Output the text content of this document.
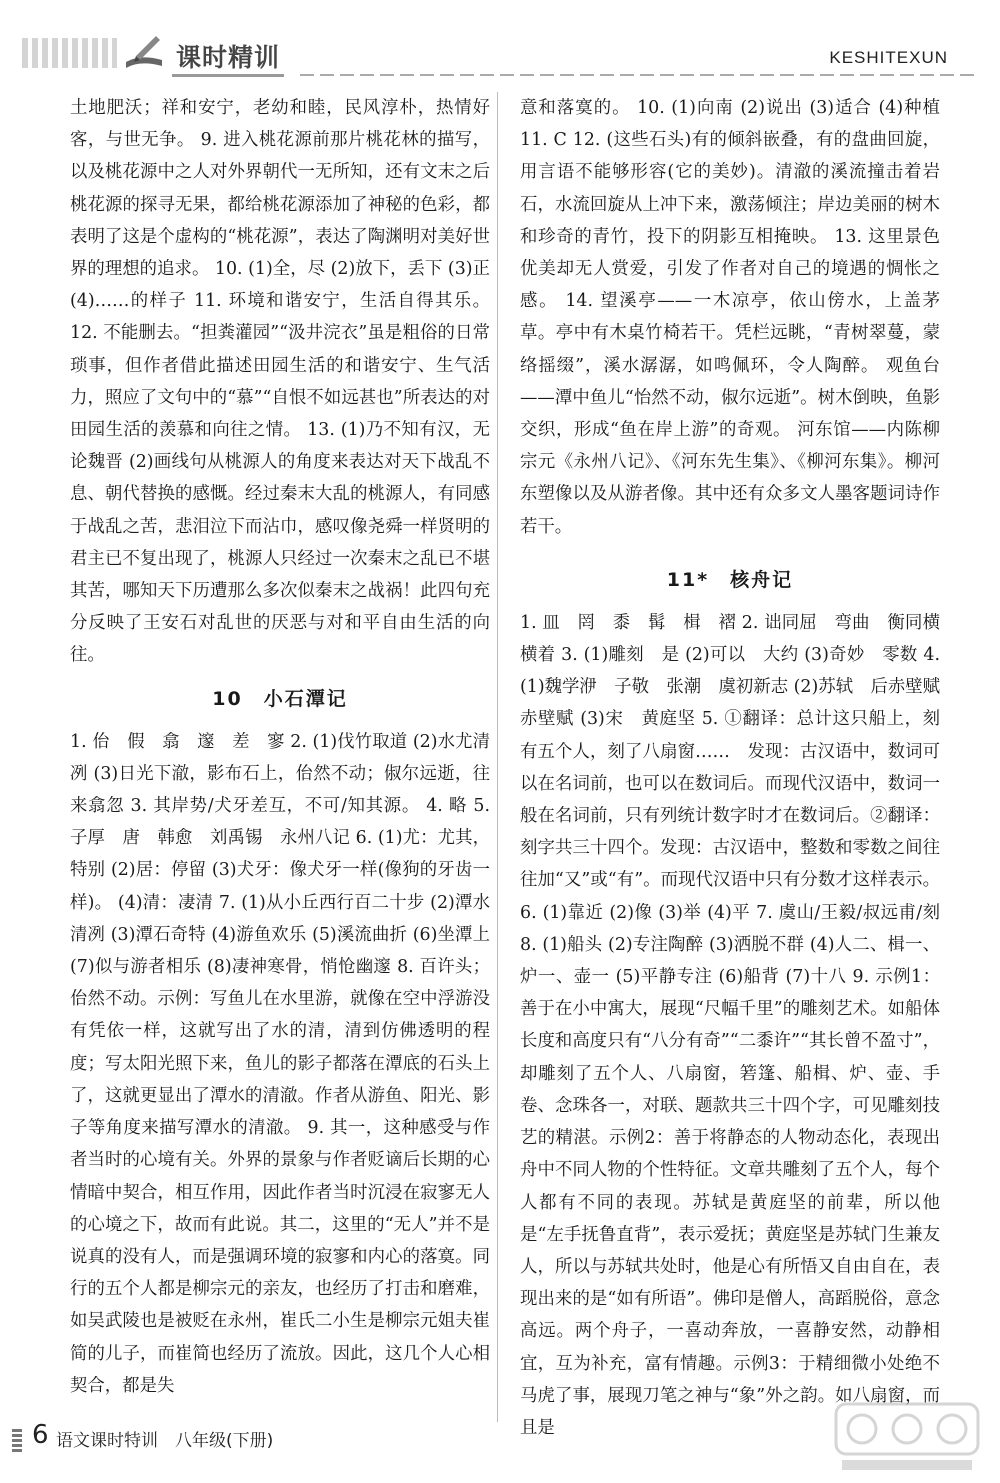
课时精训	KESHITEXUN

土地肥沃；祥和安宁，老幼和睦，民风淳朴，热情好客，与世无争。 9. 进入桃花源前那片桃花林的描写，以及桃花源中之人对外界朝代一无所知，还有文末之后桃花源的探寻无果，都给桃花源添加了神秘的色彩，都表明了这是个虚构的“桃花源”，表达了陶渊明对美好世界的理想的追求。 10. (1)全，尽 (2)放下，丢下 (3)正 (4)……的样子 11. 环境和谐安宁，生活自得其乐。 12. 不能删去。“担粪灌园”“汲井浣衣”虽是粗俗的日常琐事，但作者借此描述田园生活的和谐安宁、生气活力，照应了文句中的“慕”“自恨不如远甚也”所表达的对田园生活的羡慕和向往之情。 13. (1)乃不知有汉，无论魏晋 (2)画线句从桃源人的角度来表达对天下战乱不息、朝代替换的感慨。经过秦末大乱的桃源人，有同感于战乱之苦，悲泪泣下而沾巾，感叹像尧舜一样贤明的君主已不复出现了，桃源人只经过一次秦末之乱已不堪其苦，哪知天下历遭那么多次似秦末之战祸！此四句充分反映了王安石对乱世的厌恶与对和平自由生活的向往。

10　小石潭记

1. 佁　假　翕　邃　差　寥 2. (1)伐竹取道 (2)水尤清冽 (3)日光下澈，影布石上，佁然不动；俶尔远逝，往来翕忽 3. 其岸势/犬牙差互，不可/知其源。 4. 略 5. 子厚　唐　韩愈　刘禹锡　永州八记 6. (1)尤：尤其，特别 (2)居：停留 (3)犬牙：像犬牙一样(像狗的牙齿一样)。 (4)清：凄清 7. (1)从小丘西行百二十步 (2)潭水清冽 (3)潭石奇特 (4)游鱼欢乐 (5)溪流曲折 (6)坐潭上 (7)似与游者相乐 (8)凄神寒骨，悄怆幽邃 8. 百许头；佁然不动。示例：写鱼儿在水里游，就像在空中浮游没有凭依一样，这就写出了水的清，清到仿佛透明的程度；写太阳光照下来，鱼儿的影子都落在潭底的石头上了，这就更显出了潭水的清澈。作者从游鱼、阳光、影子等角度来描写潭水的清澈。 9. 其一，这种感受与作者当时的心境有关。外界的景象与作者贬谪后长期的心情暗中契合，相互作用，因此作者当时沉浸在寂寥无人的心境之下，故而有此说。其二，这里的“无人”并不是说真的没有人，而是强调环境的寂寥和内心的落寞。同行的五个人都是柳宗元的亲友，也经历了打击和磨难，如吴武陵也是被贬在永州，崔氏二小生是柳宗元姐夫崔简的儿子，而崔简也经历了流放。因此，这几个人心相契合，都是失

意和落寞的。 10. (1)向南 (2)说出 (3)适合 (4)种植 11. C 12. (这些石头)有的倾斜嵌叠，有的盘曲回旋，用言语不能够形容(它的美妙)。清澈的溪流撞击着岩石，水流回旋从上冲下来，激荡倾注；岸边美丽的树木和珍奇的青竹，投下的阴影互相掩映。 13. 这里景色优美却无人赏爱，引发了作者对自己的境遇的惆怅之感。 14. 望溪亭——一木凉亭，依山傍水，上盖茅草。亭中有木桌竹椅若干。凭栏远眺，“青树翠蔓，蒙络摇缀”，溪水潺潺，如鸣佩环，令人陶醉。 观鱼台——潭中鱼儿“怡然不动，俶尔远逝”。树木倒映，鱼影交织，形成“鱼在岸上游”的奇观。 河东馆——内陈柳宗元《永州八记》、《河东先生集》、《柳河东集》。柳河东塑像以及从游者像。其中还有众多文人墨客题词诗作若干。

11*　核舟记

1. 皿　罔　黍　髯　楫　褶 2. 诎同屈　弯曲　衡同横　横着 3. (1)雕刻　是 (2)可以　大约 (3)奇妙　零数 4. (1)魏学洢　子敬　张潮　虞初新志 (2)苏轼　后赤壁赋　赤壁赋 (3)宋　黄庭坚 5. ①翻译：总计这只船上，刻有五个人，刻了八扇窗……　发现：古汉语中，数词可以在名词前，也可以在数词后。而现代汉语中，数词一般在名词前，只有列统计数字时才在数词后。②翻译：刻字共三十四个。发现：古汉语中，整数和零数之间往往加“又”或“有”。而现代汉语中只有分数才这样表示。 6. (1)靠近 (2)像 (3)举 (4)平 7. 虞山/王毅/叔远甫/刻 8. (1)船头 (2)专注陶醉 (3)洒脱不群 (4)人二、楫一、炉一、壶一 (5)平静专注 (6)船背 (7)十八 9. 示例1：善于在小中寓大，展现“尺幅千里”的雕刻艺术。如船体长度和高度只有“八分有奇”“二黍许”“其长曾不盈寸”，却雕刻了五个人、八扇窗，箬篷、船楫、炉、壶、手卷、念珠各一，对联、题款共三十四个字，可见雕刻技艺的精湛。示例2：善于将静态的人物动态化，表现出舟中不同人物的个性特征。文章共雕刻了五个人，每个人都有不同的表现。苏轼是黄庭坚的前辈，所以他是“左手抚鲁直背”，表示爱抚；黄庭坚是苏轼门生兼友人，所以与苏轼共处时，他是心有所悟又自由自在，表现出来的是“如有所语”。佛印是僧人，高蹈脱俗，意念高远。两个舟子，一喜动奔放，一喜静安然，动静相宜，互为补充，富有情趣。示例3：于精细微小处绝不马虎了事，展现刀笔之神与“象”外之韵。如八扇窗，而且是

6 语文课时特训　八年级(下册)
